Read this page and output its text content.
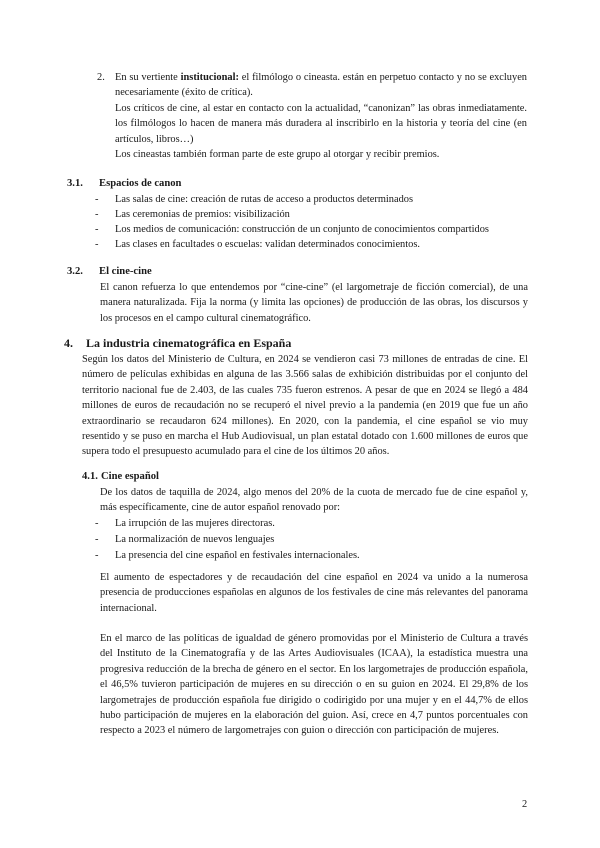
2. En su vertiente institucional: el filmólogo o cineasta. están en perpetuo contacto y no se excluyen necesariamente (éxito de crítica).

Los críticos de cine, al estar en contacto con la actualidad, “canonizan” las obras inmediatamente. los filmólogos lo hacen de manera más duradera al inscribirlo en la historia y teoría del cine (en artículos, libros…)

Los cineastas también forman parte de este grupo al otorgar y recibir premios.

3.1. Espacios de canon
- Las salas de cine: creación de rutas de acceso a productos determinados
- Las ceremonias de premios: visibilización
- Los medios de comunicación: construcción de un conjunto de conocimientos compartidos
- Las clases en facultades o escuelas: validan determinados conocimientos.
3.2. El cine-cine

El canon refuerza lo que entendemos por “cine-cine” (el largometraje de ficción comercial), de una manera naturalizada. Fija la norma (y limita las opciones) de producción de las obras, los discursos y los procesos en el campo cultural cinematográfico.

4. La industria cinematográfica en España

Según los datos del Ministerio de Cultura, en 2024 se vendieron casi 73 millones de entradas de cine. El número de películas exhibidas en alguna de las 3.566 salas de exhibición distribuidas por el conjunto del territorio nacional fue de 2.403, de las cuales 735 fueron estrenos. A pesar de que en 2024 se llegó a 484 millones de euros de recaudación no se recuperó el nivel previo a la pandemia (en 2019 que fue un año extraordinario se recaudaron 624 millones). En 2020, con la pandemia, el cine español se vio muy resentido y se puso en marcha el Hub Audiovisual, un plan estatal dotado con 1.600 millones de euros que supera todo el presupuesto acumulado para el cine de los últimos 20 años.

4.1. Cine español

De los datos de taquilla de 2024, algo menos del 20% de la cuota de mercado fue de cine español y, más específicamente, cine de autor español renovado por:

- La irrupción de las mujeres directoras.
- La normalización de nuevos lenguajes
- La presencia del cine español en festivales internacionales.

El aumento de espectadores y de recaudación del cine español en 2024 va unido a la numerosa presencia de producciones españolas en algunos de los festivales de cine más relevantes del panorama internacional.

En el marco de las políticas de igualdad de género promovidas por el Ministerio de Cultura a través del Instituto de la Cinematografía y de las Artes Audiovisuales (ICAA), la estadística muestra una progresiva reducción de la brecha de género en el sector. En los largometrajes de producción española, el 46,5% tuvieron participación de mujeres en su dirección o en su guion en 2024. El 29,8% de los largometrajes de producción española fue dirigido o codirigido por una mujer y en el 44,7% de ellos hubo participación de mujeres en la elaboración del guion. Así, crece en 4,7 puntos porcentuales con respecto a 2023 el número de largometrajes con guion o dirección con participación de mujeres.

2
